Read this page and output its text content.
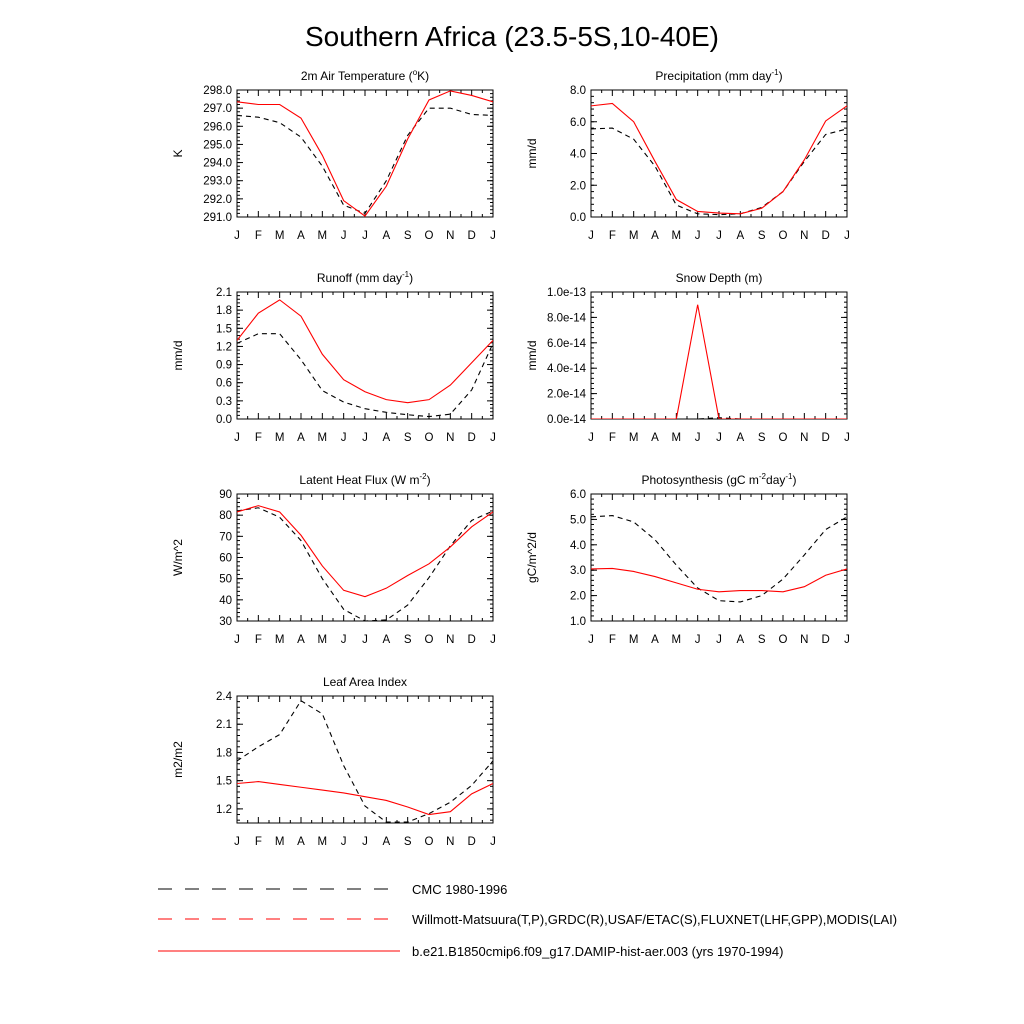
Southern Africa (23.5-5S,10-40E)
2m Air Temperature ($^o$K)
J F M A M J J A S O N D J
291.0
292.0
293.0
294.0
295.0
296.0
297.0
298.0
K
Precipitation (mm day$^{-1}$)
J F M A M J J A S O N D J
0.0
2.0
4.0
6.0
8.0
mm/d
Runoff (mm day$^{-1}$)
J F M A M J J A S O N D J
0.0
0.3
0.6
0.9
1.2
1.5
1.8
2.1
mm/d
Snow Depth (m)
J F M A M J J A S O N D J
0.0e-14
2.0e-14
4.0e-14
6.0e-14
8.0e-14
1.0e-13
mm/d
Latent Heat Flux (W $m^{-2}$)
J F M A M J J A S O N D J
30
40
50
60
70
80
90
W/m^2
Photosynthesis (gC $m^{-2}day^{-1}$)
J F M A M J J A S O N D J
1.0
2.0
3.0
4.0
5.0
6.0
gC/m^2/d
Leaf Area Index
J F M A M J J A S O N D J
1.2
1.5
1.8
2.1
2.4
m2/m2
CMC 1980-1996
Willmott-Matsuura(T,P),GRDC(R),USAF/ETAC(S),FLUXNET(LHF,GPP),MODIS(LAI)
b.e21.B1850cmip6.f09_g17.DAMIP-hist-aer.003 (yrs 1970-1994)
